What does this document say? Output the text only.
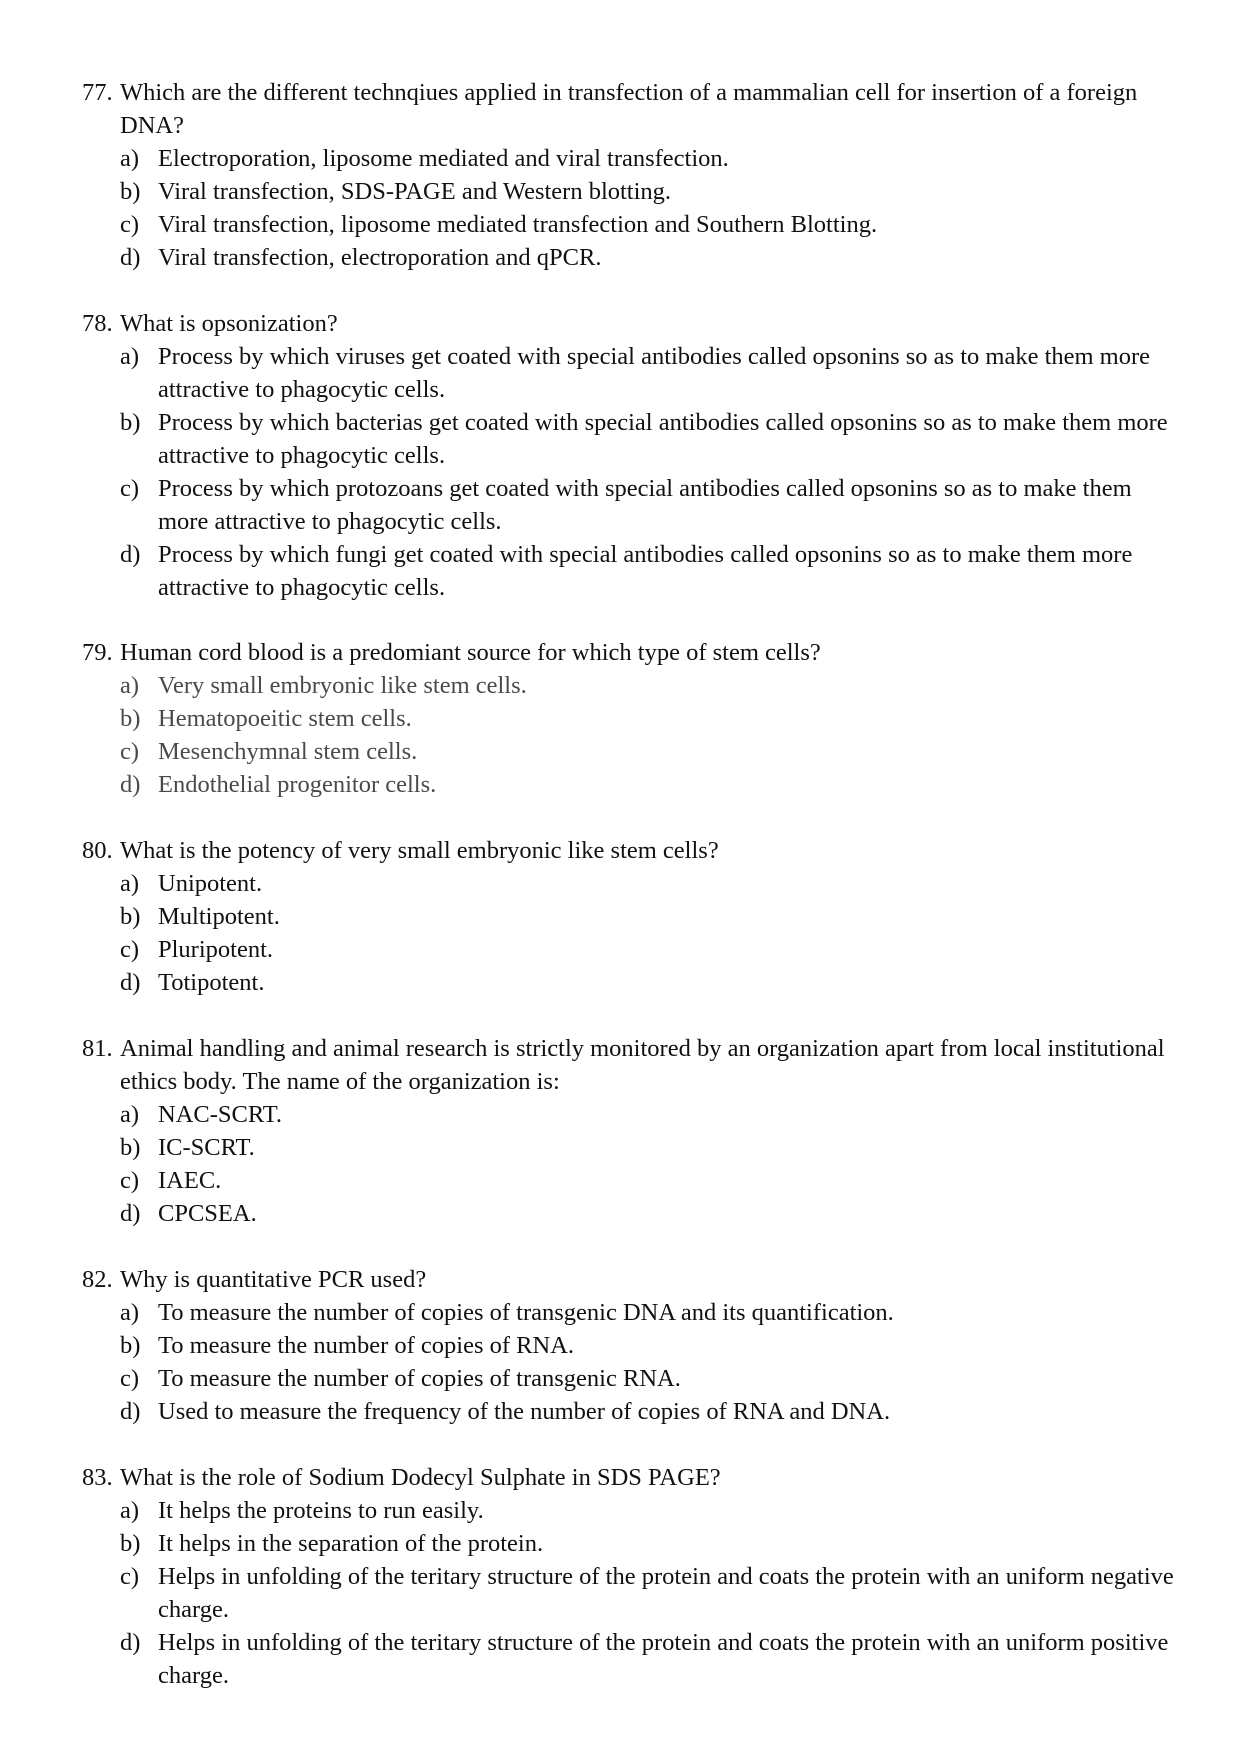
77. Which are the different technqiues applied in transfection of a mammalian cell for insertion of a foreign DNA?
a) Electroporation, liposome mediated and viral transfection.
b) Viral transfection, SDS-PAGE and Western blotting.
c) Viral transfection, liposome mediated transfection and Southern Blotting.
d) Viral transfection, electroporation and qPCR.
78. What is opsonization?
a) Process by which viruses get coated with special antibodies called opsonins so as to make them more attractive to phagocytic cells.
b) Process by which bacterias get coated with special antibodies called opsonins so as to make them more attractive to phagocytic cells.
c) Process by which protozoans get coated with special antibodies called opsonins so as to make them more attractive to phagocytic cells.
d) Process by which fungi get coated with special antibodies called opsonins so as to make them more attractive to phagocytic cells.
79. Human cord blood is a predomiant source for which type of stem cells?
a) Very small embryonic like stem cells.
b) Hematopoeitic stem cells.
c) Mesenchymnal stem cells.
d) Endothelial progenitor cells.
80. What is the potency of very small embryonic like stem cells?
a) Unipotent.
b) Multipotent.
c) Pluripotent.
d) Totipotent.
81. Animal handling and animal research is strictly monitored by an organization apart from local institutional ethics body. The name of the organization is:
a) NAC-SCRT.
b) IC-SCRT.
c) IAEC.
d) CPCSEA.
82. Why is quantitative PCR used?
a) To measure the number of copies of transgenic DNA and its quantification.
b) To measure the number of copies of RNA.
c) To measure the number of copies of transgenic RNA.
d) Used to measure the frequency of the number of copies of RNA and DNA.
83. What is the role of Sodium Dodecyl Sulphate in SDS PAGE?
a) It helps the proteins to run easily.
b) It helps in the separation of the protein.
c) Helps in unfolding of the teritary structure of the protein and coats the protein with an uniform negative charge.
d) Helps in unfolding of the teritary structure of the protein and coats the protein with an uniform positive charge.
